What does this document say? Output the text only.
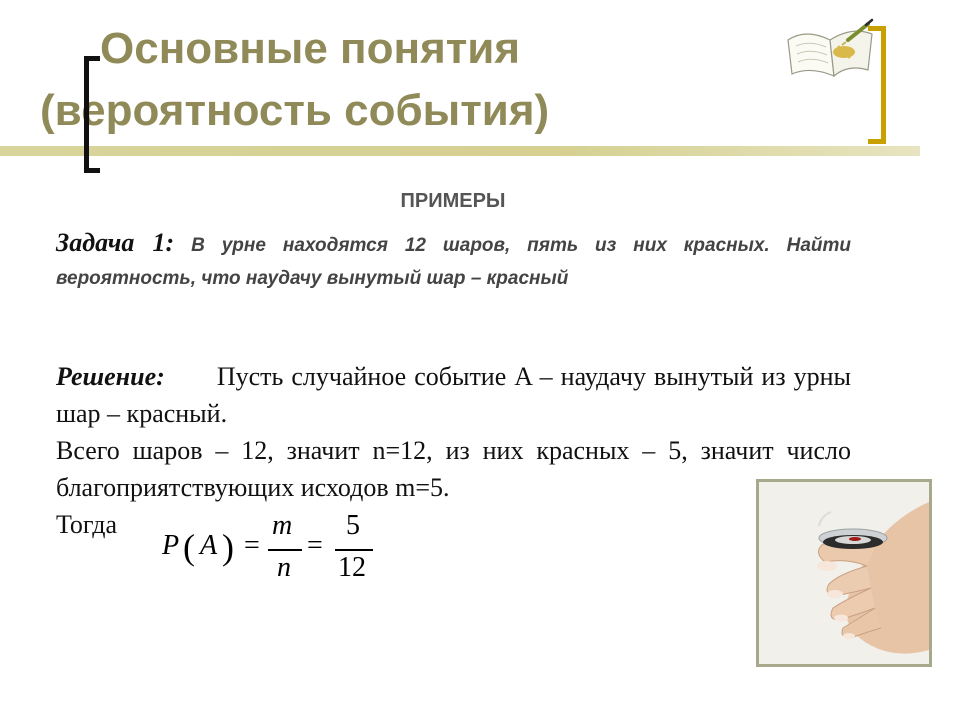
Основные понятия
(вероятность события)
ПРИМЕРЫ

Задача 1: В урне находятся 12 шаров, пять из них красных. Найти вероятность, что наудачу вынутый шар – красный

Решение: Пусть случайное событие A – наудачу вынутый из урны шар – красный.

Всего шаров – 12, значит n=12, из них красных – 5, значит число благоприятствующих исходов m=5.

Тогда

P ( A ) =
m
n
=
5
12
